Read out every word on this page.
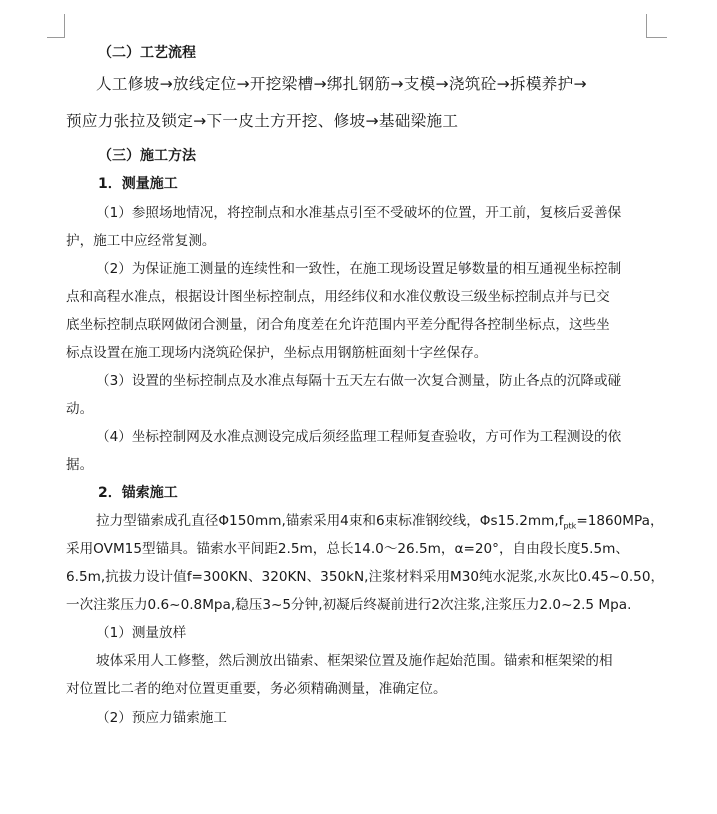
（二）工艺流程
人工修坡→放线定位→开挖梁槽→绑扎钢筋→支模→浇筑砼→拆模养护→
预应力张拉及锁定→下一皮土方开挖、修坡→基础梁施工
（三）施工方法
1．测量施工
（1）参照场地情况，将控制点和水准基点引至不受破坏的位置，开工前，复核后妥善保
护，施工中应经常复测。
（2）为保证施工测量的连续性和一致性，在施工现场设置足够数量的相互通视坐标控制
点和高程水准点，根据设计图坐标控制点，用经纬仪和水准仪敷设三级坐标控制点并与已交
底坐标控制点联网做闭合测量，闭合角度差在允许范围内平差分配得各控制坐标点，这些坐
标点设置在施工现场内浇筑砼保护，坐标点用钢筋桩面刻十字丝保存。
（3）设置的坐标控制点及水准点每隔十五天左右做一次复合测量，防止各点的沉降或碰
动。
（4）坐标控制网及水准点测设完成后须经监理工程师复查验收，方可作为工程测设的依
据。
2．锚索施工
拉力型锚索成孔直径Φ150mm,锚索采用4束和6束标准钢绞线，$\Phi s15.2mm,f_{ptk}=1860MPa$，
采用OVM15型锚具。锚索水平间距2.5m，总长14.0～26.5m，α=20°，自由段长度5.5m、
6.5m,抗拔力设计值f=300KN、320KN、350kN,注浆材料采用M30纯水泥浆,水灰比0.45~0.50，
一次注浆压力0.6~0.8Mpa,稳压3~5分钟,初凝后终凝前进行2次注浆,注浆压力2.0~2.5 Mpa.
（1）测量放样
坡体采用人工修整，然后测放出锚索、框架梁位置及施作起始范围。锚索和框架梁的相
对位置比二者的绝对位置更重要，务必须精确测量，准确定位。
（2）预应力锚索施工
